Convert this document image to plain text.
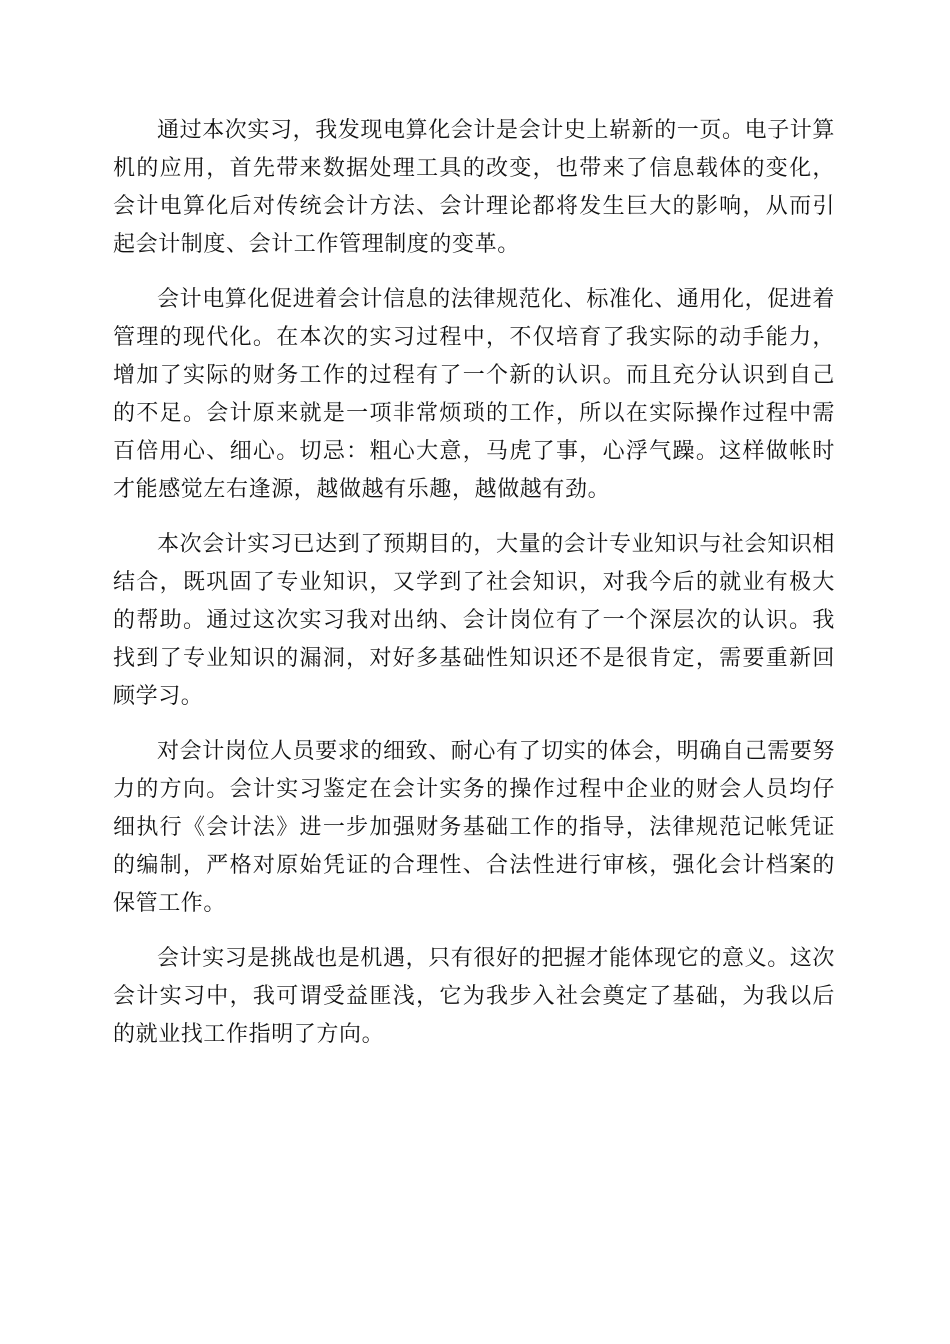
通过本次实习，我发现电算化会计是会计史上崭新的一页。电子计算机的应用，首先带来数据处理工具的改变，也带来了信息载体的变化，会计电算化后对传统会计方法、会计理论都将发生巨大的影响，从而引起会计制度、会计工作管理制度的变革。

会计电算化促进着会计信息的法律规范化、标准化、通用化，促进着管理的现代化。在本次的实习过程中，不仅培育了我实际的动手能力，增加了实际的财务工作的过程有了一个新的认识。而且充分认识到自己的不足。会计原来就是一项非常烦琐的工作，所以在实际操作过程中需百倍用心、细心。切忌：粗心大意，马虎了事，心浮气躁。这样做帐时才能感觉左右逢源，越做越有乐趣，越做越有劲。

本次会计实习已达到了预期目的，大量的会计专业知识与社会知识相结合，既巩固了专业知识，又学到了社会知识，对我今后的就业有极大的帮助。通过这次实习我对出纳、会计岗位有了一个深层次的认识。我找到了专业知识的漏洞，对好多基础性知识还不是很肯定，需要重新回顾学习。

对会计岗位人员要求的细致、耐心有了切实的体会，明确自己需要努力的方向。会计实习鉴定在会计实务的操作过程中企业的财会人员均仔细执行《会计法》进一步加强财务基础工作的指导，法律规范记帐凭证的编制，严格对原始凭证的合理性、合法性进行审核，强化会计档案的保管工作。

会计实习是挑战也是机遇，只有很好的把握才能体现它的意义。这次会计实习中，我可谓受益匪浅，它为我步入社会奠定了基础，为我以后的就业找工作指明了方向。
